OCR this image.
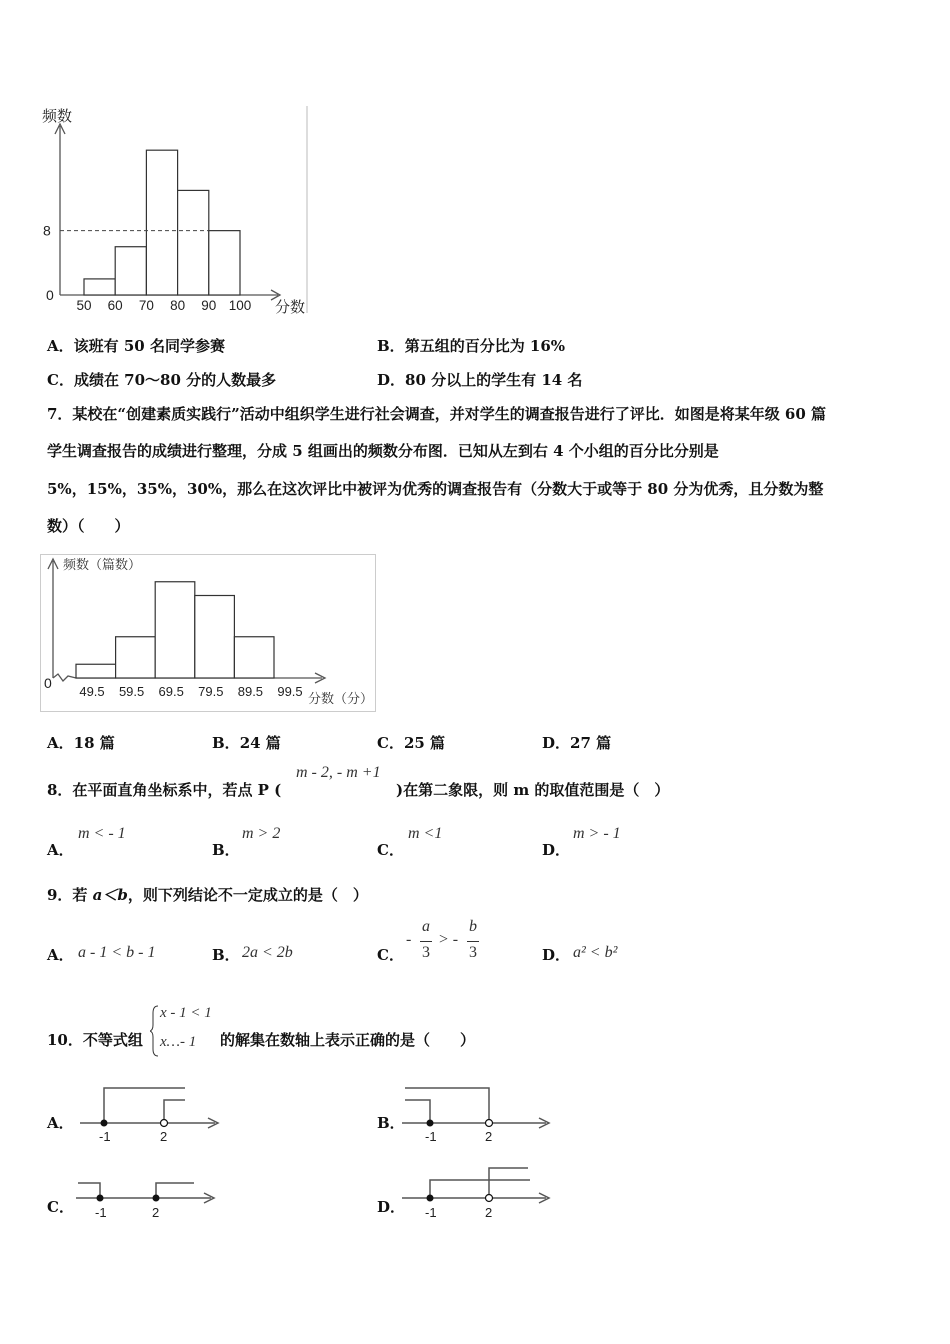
8
0
50 60 70 80 90 100
频数
分数
A．该班有 50 名同学参赛	B．第五组的百分比为 16%
C．成绩在 70～80 分的人数最多	D．80 分以上的学生有 14 名
7．某校在“创建素质实践行”活动中组织学生进行社会调查，并对学生的调查报告进行了评比．如图是将某年级 60 篇
学生调查报告的成绩进行整理，分成 5 组画出的频数分布图．已知从左到右 4 个小组的百分比分别是
5%，15%，35%，30%，那么在这次评比中被评为优秀的调查报告有（分数大于或等于 80 分为优秀，且分数为整
数）（　　）
0
49.5 59.5 69.5 79.5 89.5 99.5
频数（篇数）
分数（分）
A．18 篇	B．24 篇	C．25 篇	D．27 篇
8．在平面直角坐标系中，若点 P (
m - 2, - m +1
)在第二象限，则 m 的取值范围是（　）
A．
m < - 1
B．
m > 2
C．
m <1
D．
m > - 1
9．若 a＜b，则下列结论不一定成立的是（　）
A． a - 1 < b - 1	B． 2a < 2b	C．
-
a
3
> -
b
3	D． a² < b²
10．不等式组
x - 1 < 1
x…- 1 的解集在数轴上表示正确的是（　　）
A．
-1	2
B．
-1	2
C． -1	2	D． -1	2
